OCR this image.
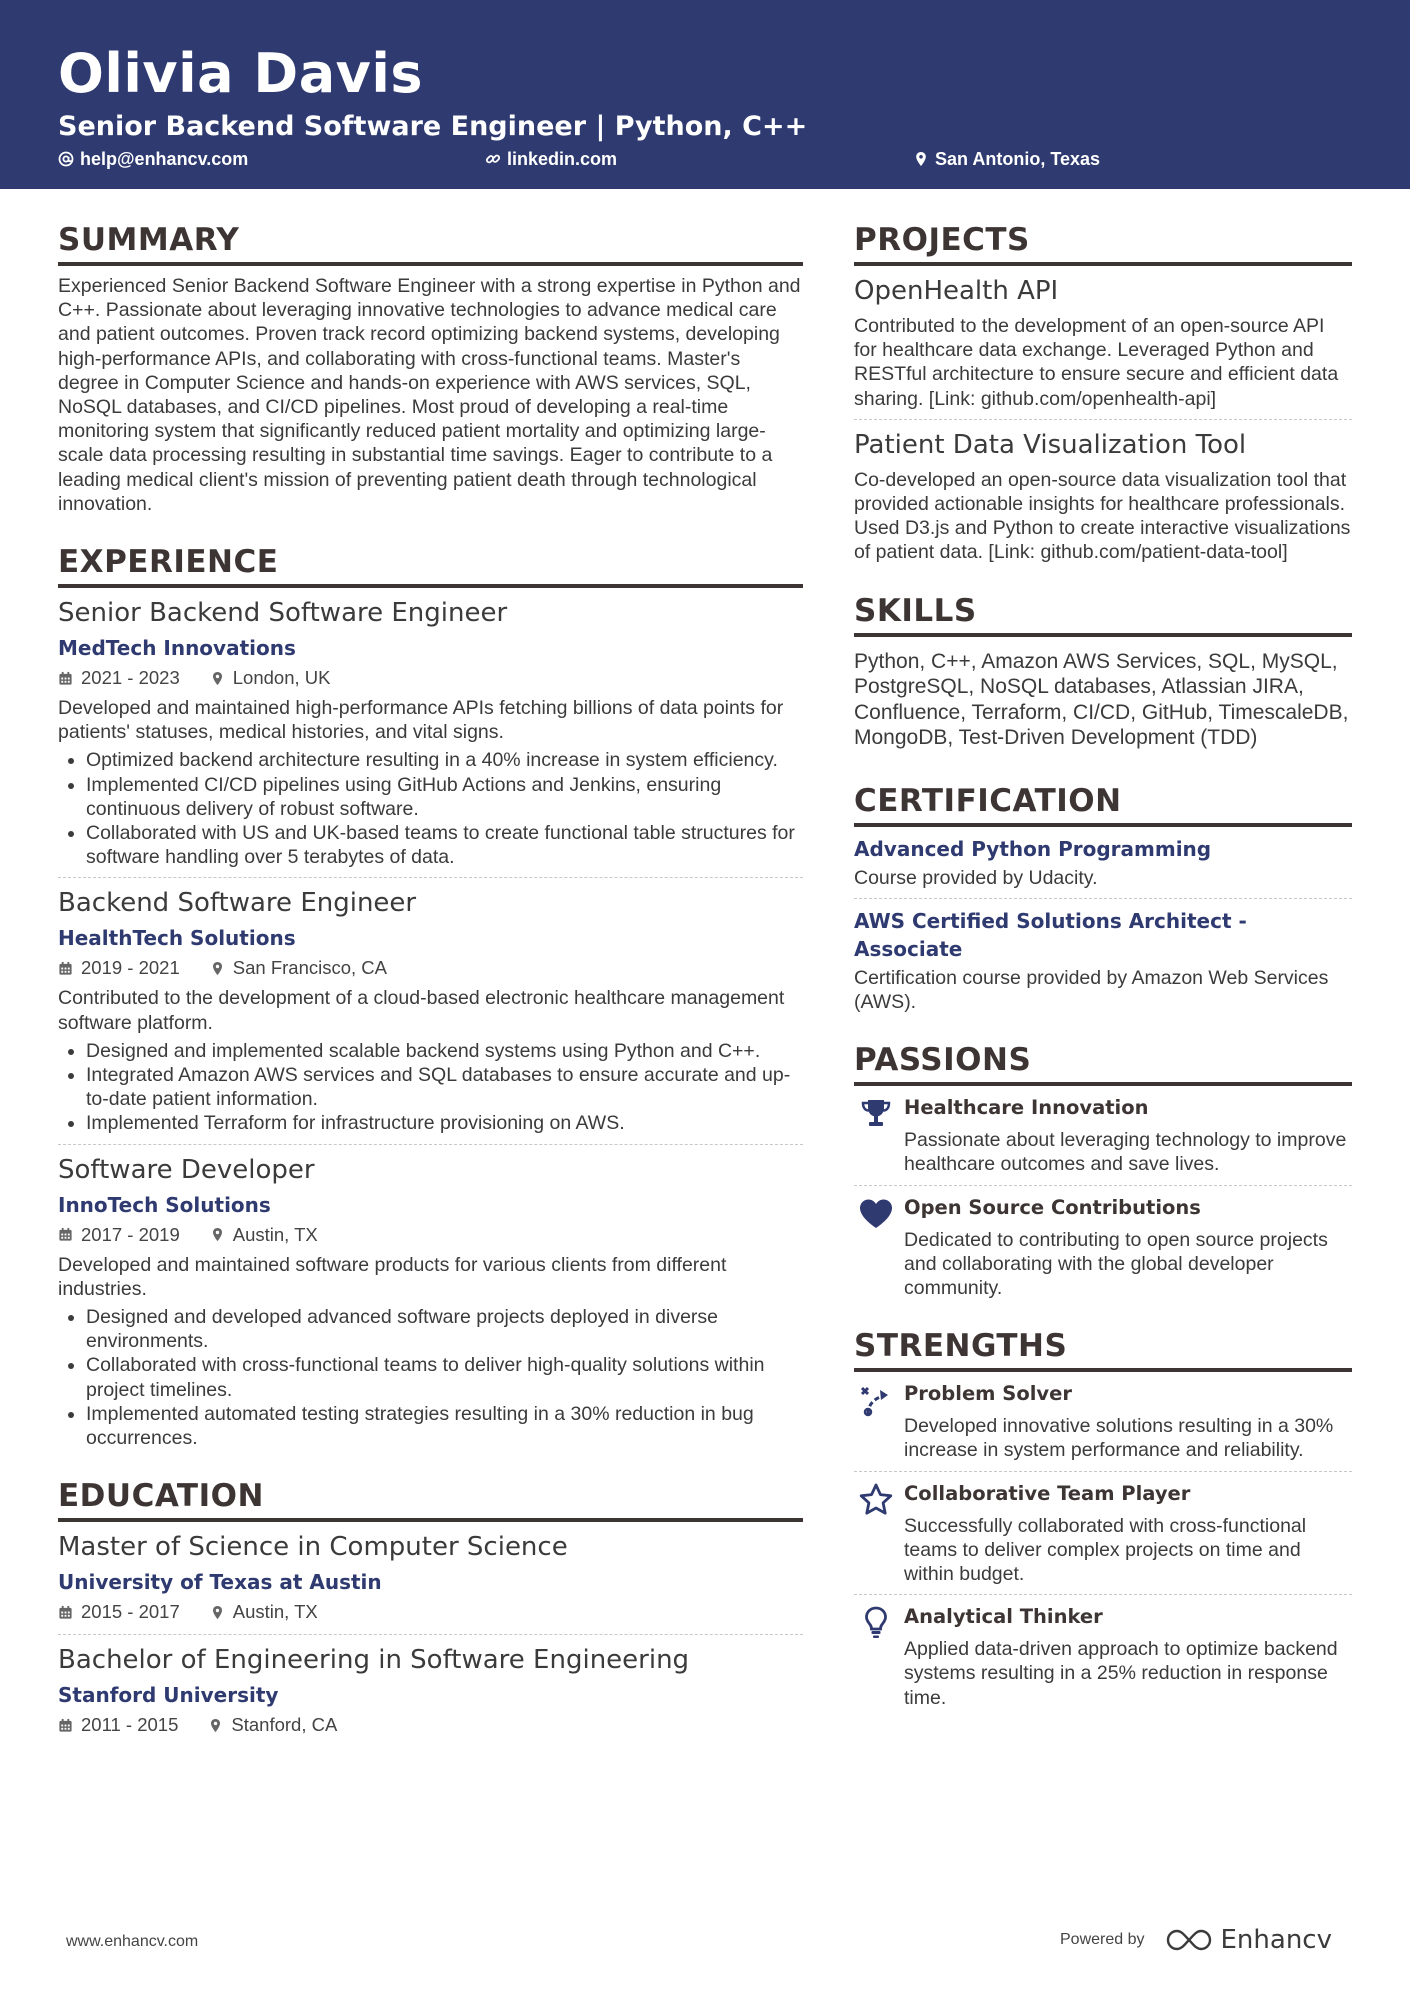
Olivia Davis
Senior Backend Software Engineer | Python, C++
help@enhancv.com	linkedin.com	San Antonio, Texas
SUMMARY
Experienced Senior Backend Software Engineer with a strong expertise in Python and C++. Passionate about leveraging innovative technologies to advance medical care and patient outcomes. Proven track record optimizing backend systems, developing high-performance APIs, and collaborating with cross-functional teams. Master's degree in Computer Science and hands-on experience with AWS services, SQL, NoSQL databases, and CI/CD pipelines. Most proud of developing a real-time monitoring system that significantly reduced patient mortality and optimizing large-scale data processing resulting in substantial time savings. Eager to contribute to a leading medical client's mission of preventing patient death through technological innovation.
EXPERIENCE
Senior Backend Software Engineer
MedTech Innovations
2021 - 2023	London, UK
Developed and maintained high-performance APIs fetching billions of data points for patients' statuses, medical histories, and vital signs.
• Optimized backend architecture resulting in a 40% increase in system efficiency.
• Implemented CI/CD pipelines using GitHub Actions and Jenkins, ensuring continuous delivery of robust software.
• Collaborated with US and UK-based teams to create functional table structures for software handling over 5 terabytes of data.
Backend Software Engineer
HealthTech Solutions
2019 - 2021	San Francisco, CA
Contributed to the development of a cloud-based electronic healthcare management software platform.
• Designed and implemented scalable backend systems using Python and C++.
• Integrated Amazon AWS services and SQL databases to ensure accurate and up-to-date patient information.
• Implemented Terraform for infrastructure provisioning on AWS.
Software Developer
InnoTech Solutions
2017 - 2019	Austin, TX
Developed and maintained software products for various clients from different industries.
• Designed and developed advanced software projects deployed in diverse environments.
• Collaborated with cross-functional teams to deliver high-quality solutions within project timelines.
• Implemented automated testing strategies resulting in a 30% reduction in bug occurrences.
EDUCATION
Master of Science in Computer Science
University of Texas at Austin
2015 - 2017	Austin, TX
Bachelor of Engineering in Software Engineering
Stanford University
2011 - 2015	Stanford, CA
PROJECTS
OpenHealth API
Contributed to the development of an open-source API for healthcare data exchange. Leveraged Python and RESTful architecture to ensure secure and efficient data sharing. [Link: github.com/openhealth-api]
Patient Data Visualization Tool
Co-developed an open-source data visualization tool that provided actionable insights for healthcare professionals. Used D3.js and Python to create interactive visualizations of patient data. [Link: github.com/patient-data-tool]
SKILLS
Python, C++, Amazon AWS Services, SQL, MySQL, PostgreSQL, NoSQL databases, Atlassian JIRA, Confluence, Terraform, CI/CD, GitHub, TimescaleDB, MongoDB, Test-Driven Development (TDD)
CERTIFICATION
Advanced Python Programming
Course provided by Udacity.
AWS Certified Solutions Architect - Associate
Certification course provided by Amazon Web Services (AWS).
PASSIONS
Healthcare Innovation
Passionate about leveraging technology to improve healthcare outcomes and save lives.
Open Source Contributions
Dedicated to contributing to open source projects and collaborating with the global developer community.
STRENGTHS
Problem Solver
Developed innovative solutions resulting in a 30% increase in system performance and reliability.
Collaborative Team Player
Successfully collaborated with cross-functional teams to deliver complex projects on time and within budget.
Analytical Thinker
Applied data-driven approach to optimize backend systems resulting in a 25% reduction in response time.
www.enhancv.com	Powered by	Enhancv
